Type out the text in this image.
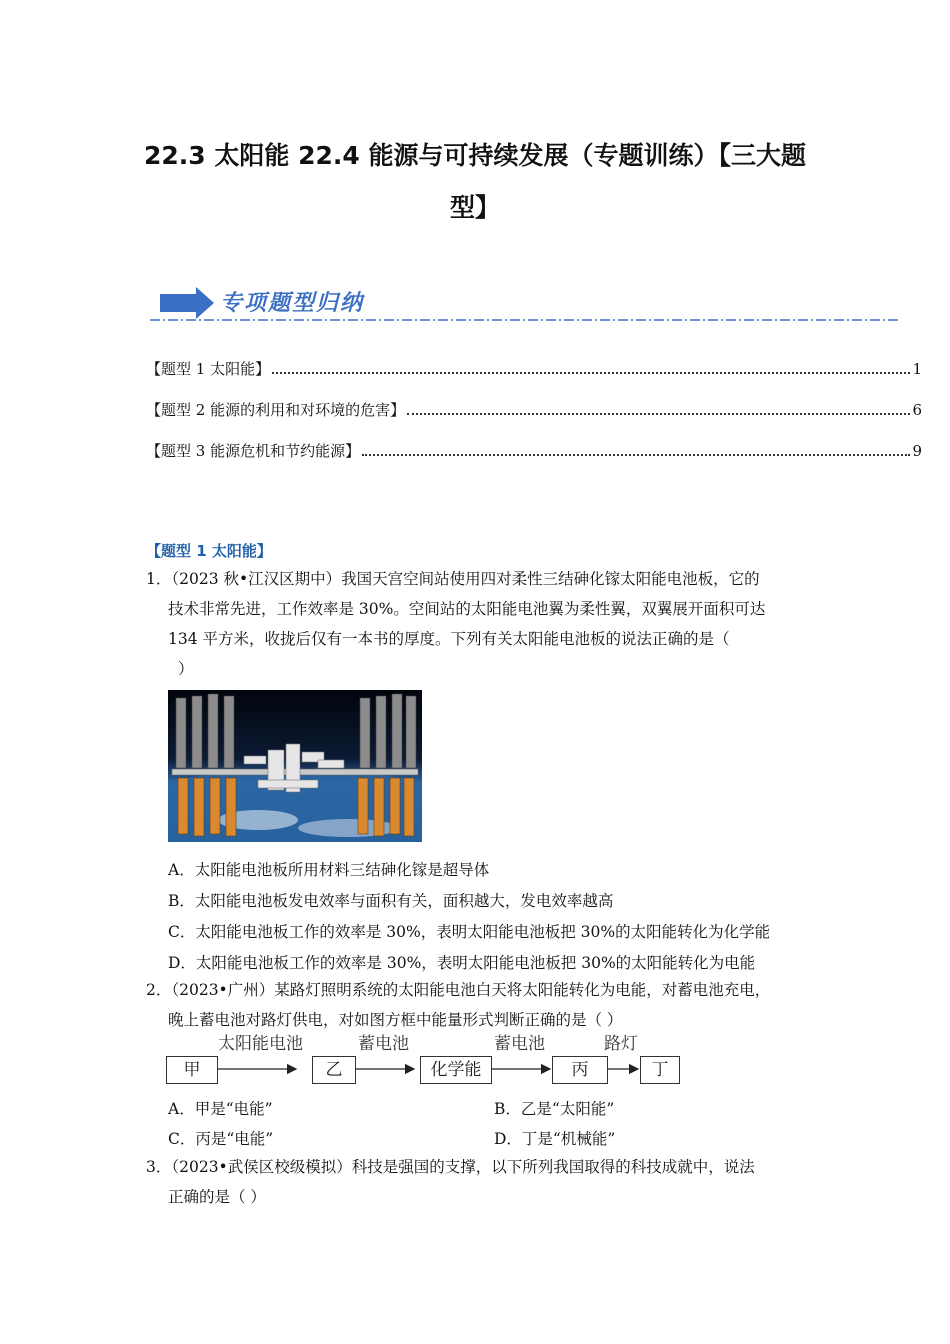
22.3 太阳能 22.4 能源与可持续发展（专题训练）【三大题
型】
专项题型归纳
【题型 1 太阳能】	1
【题型 2 能源的利用和对环境的危害】	6
【题型 3 能源危机和节约能源】	9
【题型 1 太阳能】
1．（2023 秋•江汉区期中）我国天宫空间站使用四对柔性三结砷化镓太阳能电池板，它的
技术非常先进，工作效率是 30%。空间站的太阳能电池翼为柔性翼，双翼展开面积可达
134 平方米，收拢后仅有一本书的厚度。下列有关太阳能电池板的说法正确的是（
）
A．太阳能电池板所用材料三结砷化镓是超导体
B．太阳能电池板发电效率与面积有关，面积越大，发电效率越高
C．太阳能电池板工作的效率是 30%，表明太阳能电池板把 30%的太阳能转化为化学能
D．太阳能电池板工作的效率是 30%，表明太阳能电池板把 30%的太阳能转化为电能
2．（2023•广州）某路灯照明系统的太阳能电池白天将太阳能转化为电能，对蓄电池充电，
晚上蓄电池对路灯供电，对如图方框中能量形式判断正确的是（ ）
甲	乙	化学能	丙	丁
太阳能电池	蓄电池	蓄电池	路灯
A．甲是“电能”	B．乙是“太阳能”
C．丙是“电能”	D．丁是“机械能”
3．（2023•武侯区校级模拟）科技是强国的支撑，以下所列我国取得的科技成就中，说法
正确的是（ ）
